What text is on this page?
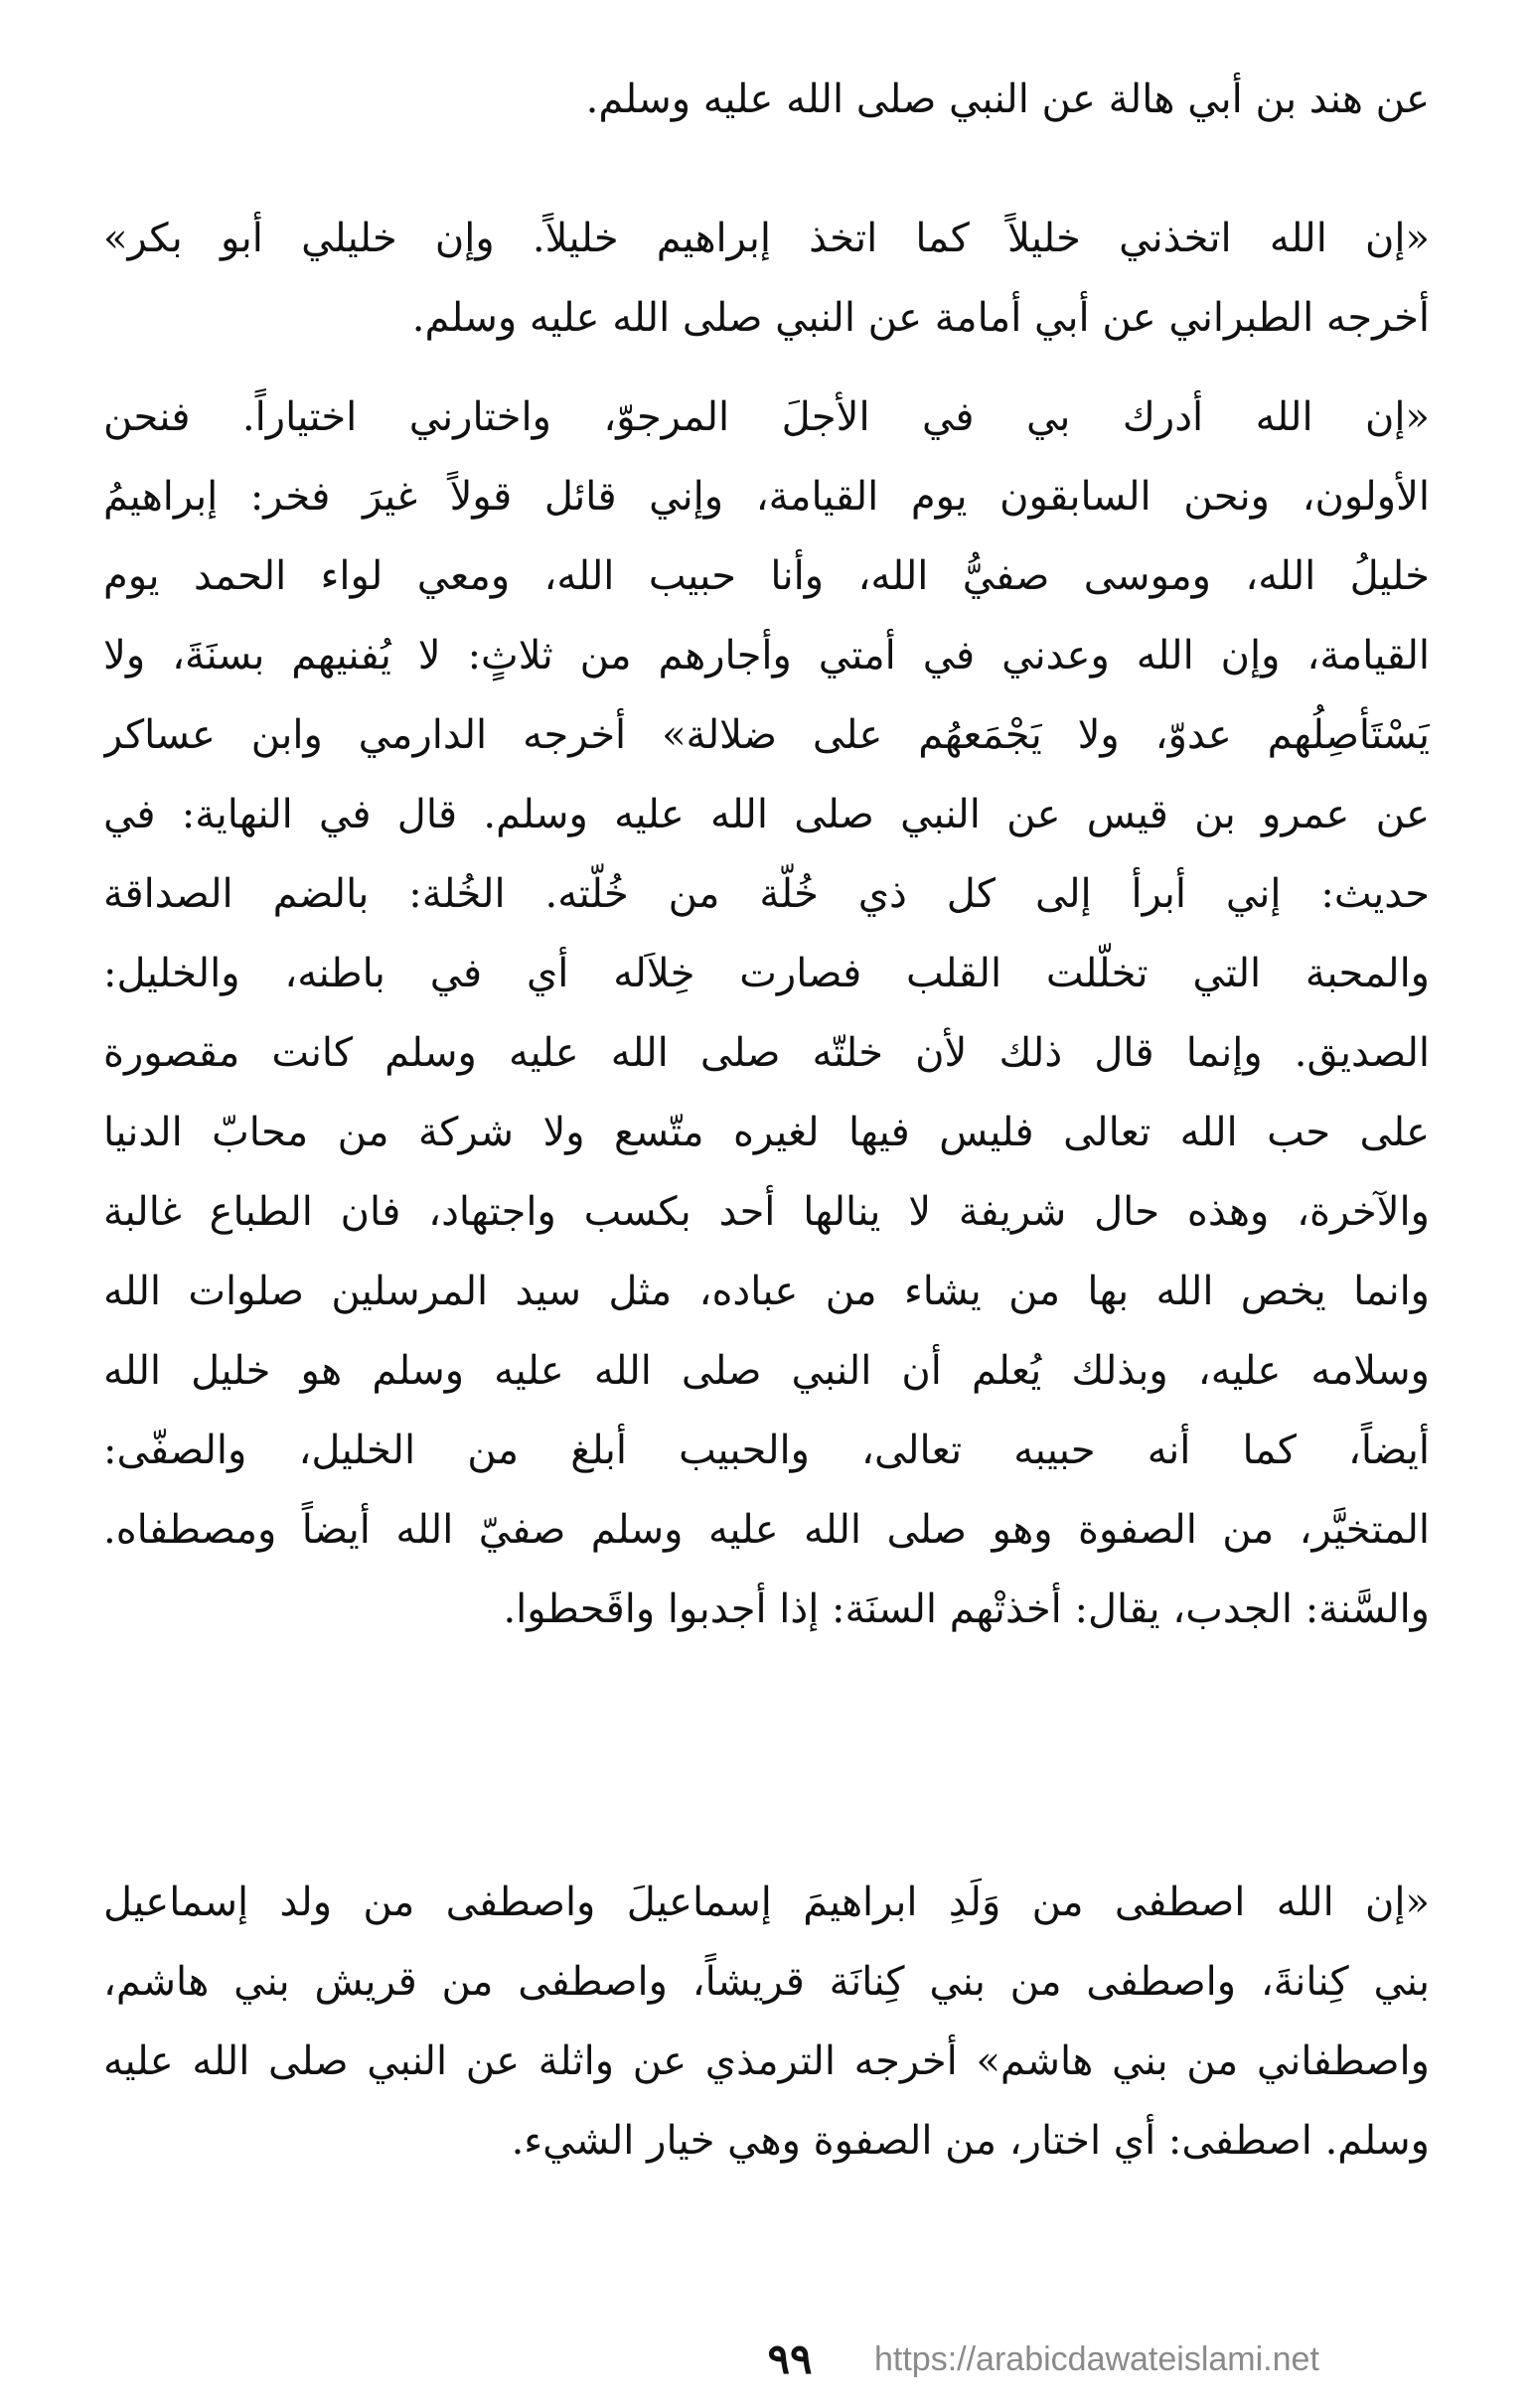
عن هند بن أبي هالة عن النبي صلى الله عليه وسلم.
«إن الله اتخذني خليلاً كما اتخذ إبراهيم خليلاً. وإن خليلي أبو بكر»
أخرجه الطبراني عن أبي أمامة عن النبي صلى الله عليه وسلم.
«إن الله أدرك بي في الأجلَ المرجوّ، واختارني اختياراً. فنحن
الأولون، ونحن السابقون يوم القيامة، وإني قائل قولاً غيرَ فخر: إبراهيمُ
خليلُ الله، وموسى صفيُّ الله، وأنا حبيب الله، ومعي لواء الحمد يوم
القيامة، وإن الله وعدني في أمتي وأجارهم من ثلاثٍ: لا يُفنيهم بسنَةَ، ولا
يَسْتَأصِلُهم عدوّ، ولا يَجْمَعهُم على ضلالة» أخرجه الدارمي وابن عساكر
عن عمرو بن قيس عن النبي صلى الله عليه وسلم. قال في النهاية: في
حديث: إني أبرأ إلى كل ذي خُلّة من خُلّته. الخُلة: بالضم الصداقة
والمحبة التي تخلّلت القلب فصارت خِلاَله أي في باطنه، والخليل:
الصديق. وإنما قال ذلك لأن خلتّه صلى الله عليه وسلم كانت مقصورة
على حب الله تعالى فليس فيها لغيره متّسع ولا شركة من محابّ الدنيا
والآخرة، وهذه حال شريفة لا ينالها أحد بكسب واجتهاد، فان الطباع غالبة
وانما يخص الله بها من يشاء من عباده، مثل سيد المرسلين صلوات الله
وسلامه عليه، وبذلك يُعلم أن النبي صلى الله عليه وسلم هو خليل الله
أيضاً، كما أنه حبيبه تعالى، والحبيب أبلغ من الخليل، والصفّى:
المتخيَّر، من الصفوة وهو صلى الله عليه وسلم صفيّ الله أيضاً ومصطفاه.
والسَّنة: الجدب، يقال: أخذتْهم السنَة: إذا أجدبوا واقَحطوا.
«إن الله اصطفى من وَلَدِ ابراهيمَ إسماعيلَ واصطفى من ولد إسماعيل
بني كِنانةَ، واصطفى من بني كِنانَة قريشاً، واصطفى من قريش بني هاشم،
واصطفاني من بني هاشم» أخرجه الترمذي عن واثلة عن النبي صلى الله عليه
وسلم. اصطفى: أي اختار، من الصفوة وهي خيار الشيء.
٩٩	https://arabicdawateislami.net
